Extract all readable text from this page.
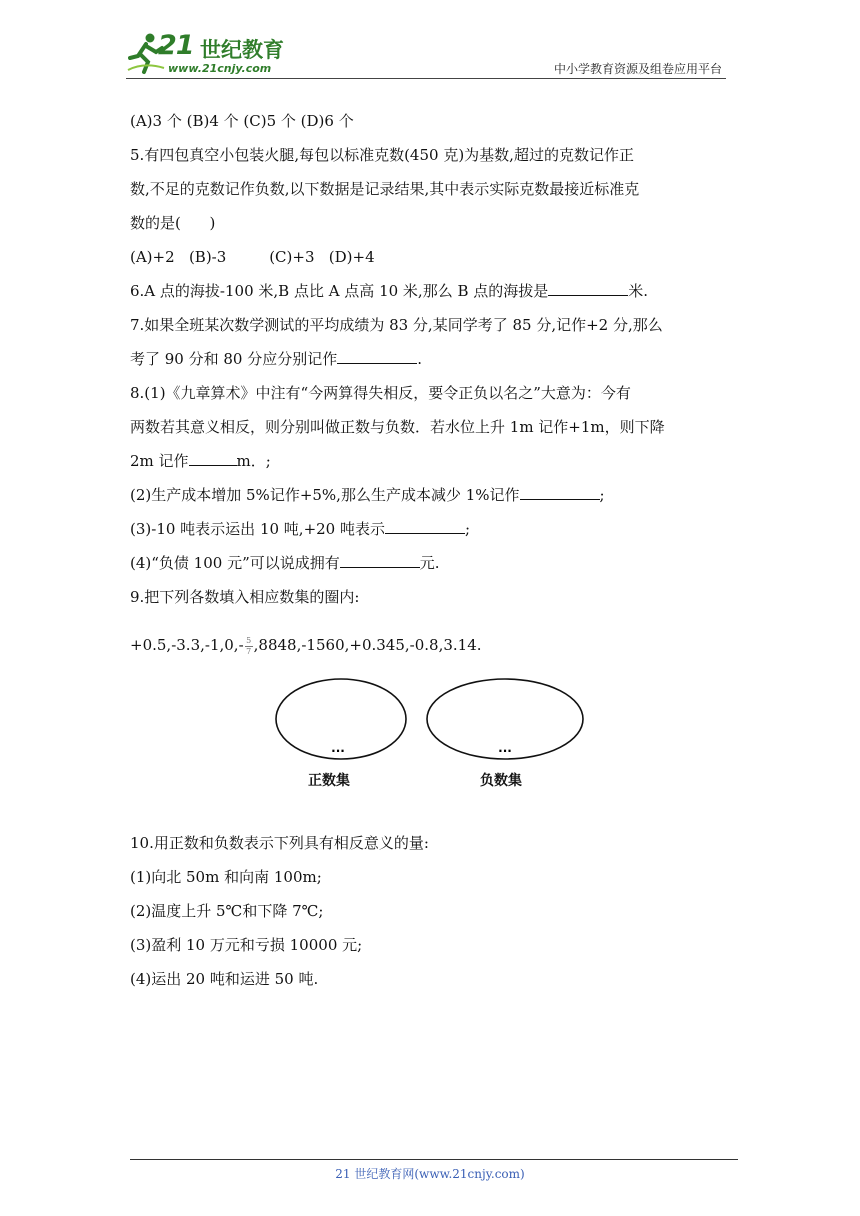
21 世纪教育
www.21cnjy.com	中小学教育资源及组卷应用平台
(A)3 个 (B)4 个 (C)5 个 (D)6 个
5.有四包真空小包装火腿,每包以标准克数(450 克)为基数,超过的克数记作正
数,不足的克数记作负数,以下数据是记录结果,其中表示实际克数最接近标准克
数的是(      )
(A)+2   (B)-3         (C)+3   (D)+4
6.A 点的海拔-100 米,B 点比 A 点高 10 米,那么 B 点的海拔是	米.
7.如果全班某次数学测试的平均成绩为 83 分,某同学考了 85 分,记作+2 分,那么
考了 90 分和 80 分应分别记作	.
8.(1)《九章算术》中注有“今两算得失相反，要令正负以名之”大意为：今有
两数若其意义相反，则分别叫做正数与负数．若水位上升 1m 记作+1m，则下降
2m 记作	m．;
(2)生产成本增加 5%记作+5%,那么生产成本减少 1%记作	;
(3)-10 吨表示运出 10 吨,+20 吨表示	;
(4)“负债 100 元”可以说成拥有	元.
9.把下列各数填入相应数集的圈内:
$+0.5,-3.3,-1,0,- \frac{5}{7} ,8848,-1560,+0.345,-0.8,3.14$.
...	...
正数集	负数集
10.用正数和负数表示下列具有相反意义的量:
(1)向北 50m 和向南 100m;
(2)温度上升 5℃和下降 7℃;
(3)盈利 10 万元和亏损 10000 元;
(4)运出 20 吨和运进 50 吨.
21 世纪教育网(www.21cnjy.com)
